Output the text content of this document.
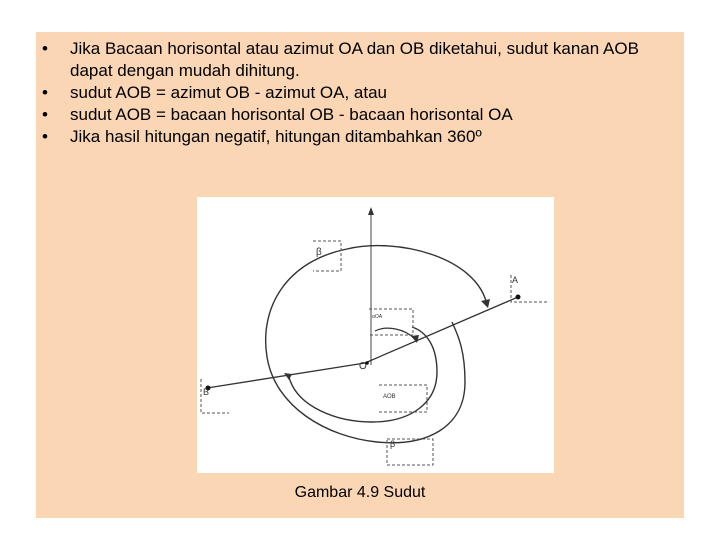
• Jika Bacaan horisontal atau azimut OA dan OB diketahui, sudut kanan AOB dapat dengan mudah dihitung.
• sudut AOB = azimut OB - azimut OA, atau
• sudut AOB = bacaan horisontal OB - bacaan horisontal OA
• Jika hasil hitungan negatif, hitungan ditambahkan 360º
β
A
O
B
αOA
AOB
β
Gambar 4.9 Sudut
